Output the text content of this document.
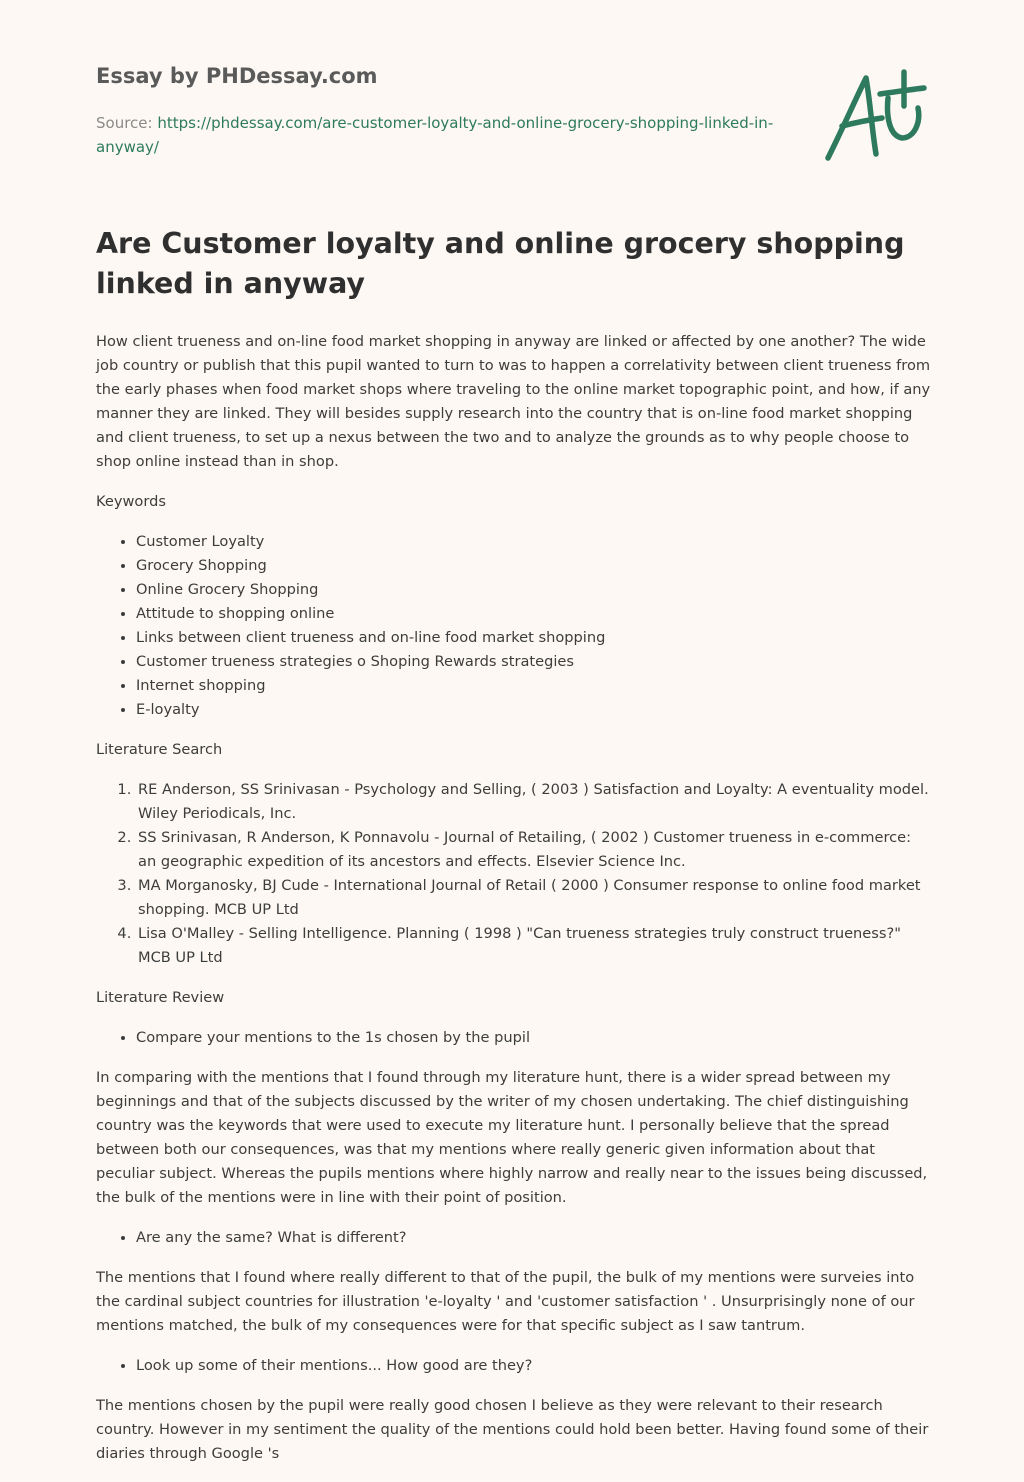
Essay by PHDessay.com
Source: https://phdessay.com/are-customer-loyalty-and-online-grocery-shopping-linked-in-anyway/
Are Customer loyalty and online grocery shopping linked in anyway

How client trueness and on-line food market shopping in anyway are linked or affected by one another? The wide job country or publish that this pupil wanted to turn to was to happen a correlativity between client trueness from the early phases when food market shops where traveling to the online market topographic point, and how, if any manner they are linked. They will besides supply research into the country that is on-line food market shopping and client trueness, to set up a nexus between the two and to analyze the grounds as to why people choose to shop online instead than in shop.

Keywords

• Customer Loyalty
• Grocery Shopping
• Online Grocery Shopping
• Attitude to shopping online
• Links between client trueness and on-line food market shopping
• Customer trueness strategies o Shoping Rewards strategies
• Internet shopping
• E-loyalty

Literature Search

1. RE Anderson, SS Srinivasan - Psychology and Selling, ( 2003 ) Satisfaction and Loyalty: A eventuality model. Wiley Periodicals, Inc.
2. SS Srinivasan, R Anderson, K Ponnavolu - Journal of Retailing, ( 2002 ) Customer trueness in e-commerce: an geographic expedition of its ancestors and effects. Elsevier Science Inc.
3. MA Morganosky, BJ Cude - International Journal of Retail ( 2000 ) Consumer response to online food market shopping. MCB UP Ltd
4. Lisa O'Malley - Selling Intelligence. Planning ( 1998 ) "Can trueness strategies truly construct trueness?" MCB UP Ltd

Literature Review

• Compare your mentions to the 1s chosen by the pupil

In comparing with the mentions that I found through my literature hunt, there is a wider spread between my beginnings and that of the subjects discussed by the writer of my chosen undertaking. The chief distinguishing country was the keywords that were used to execute my literature hunt. I personally believe that the spread between both our consequences, was that my mentions where really generic given information about that peculiar subject. Whereas the pupils mentions where highly narrow and really near to the issues being discussed, the bulk of the mentions were in line with their point of position.

• Are any the same? What is different?

The mentions that I found where really different to that of the pupil, the bulk of my mentions were surveies into the cardinal subject countries for illustration 'e-loyalty ' and 'customer satisfaction ' . Unsurprisingly none of our mentions matched, the bulk of my consequences were for that specific subject as I saw tantrum.

• Look up some of their mentions... How good are they?

The mentions chosen by the pupil were really good chosen I believe as they were relevant to their research country. However in my sentiment the quality of the mentions could hold been better. Having found some of their diaries through Google 's
